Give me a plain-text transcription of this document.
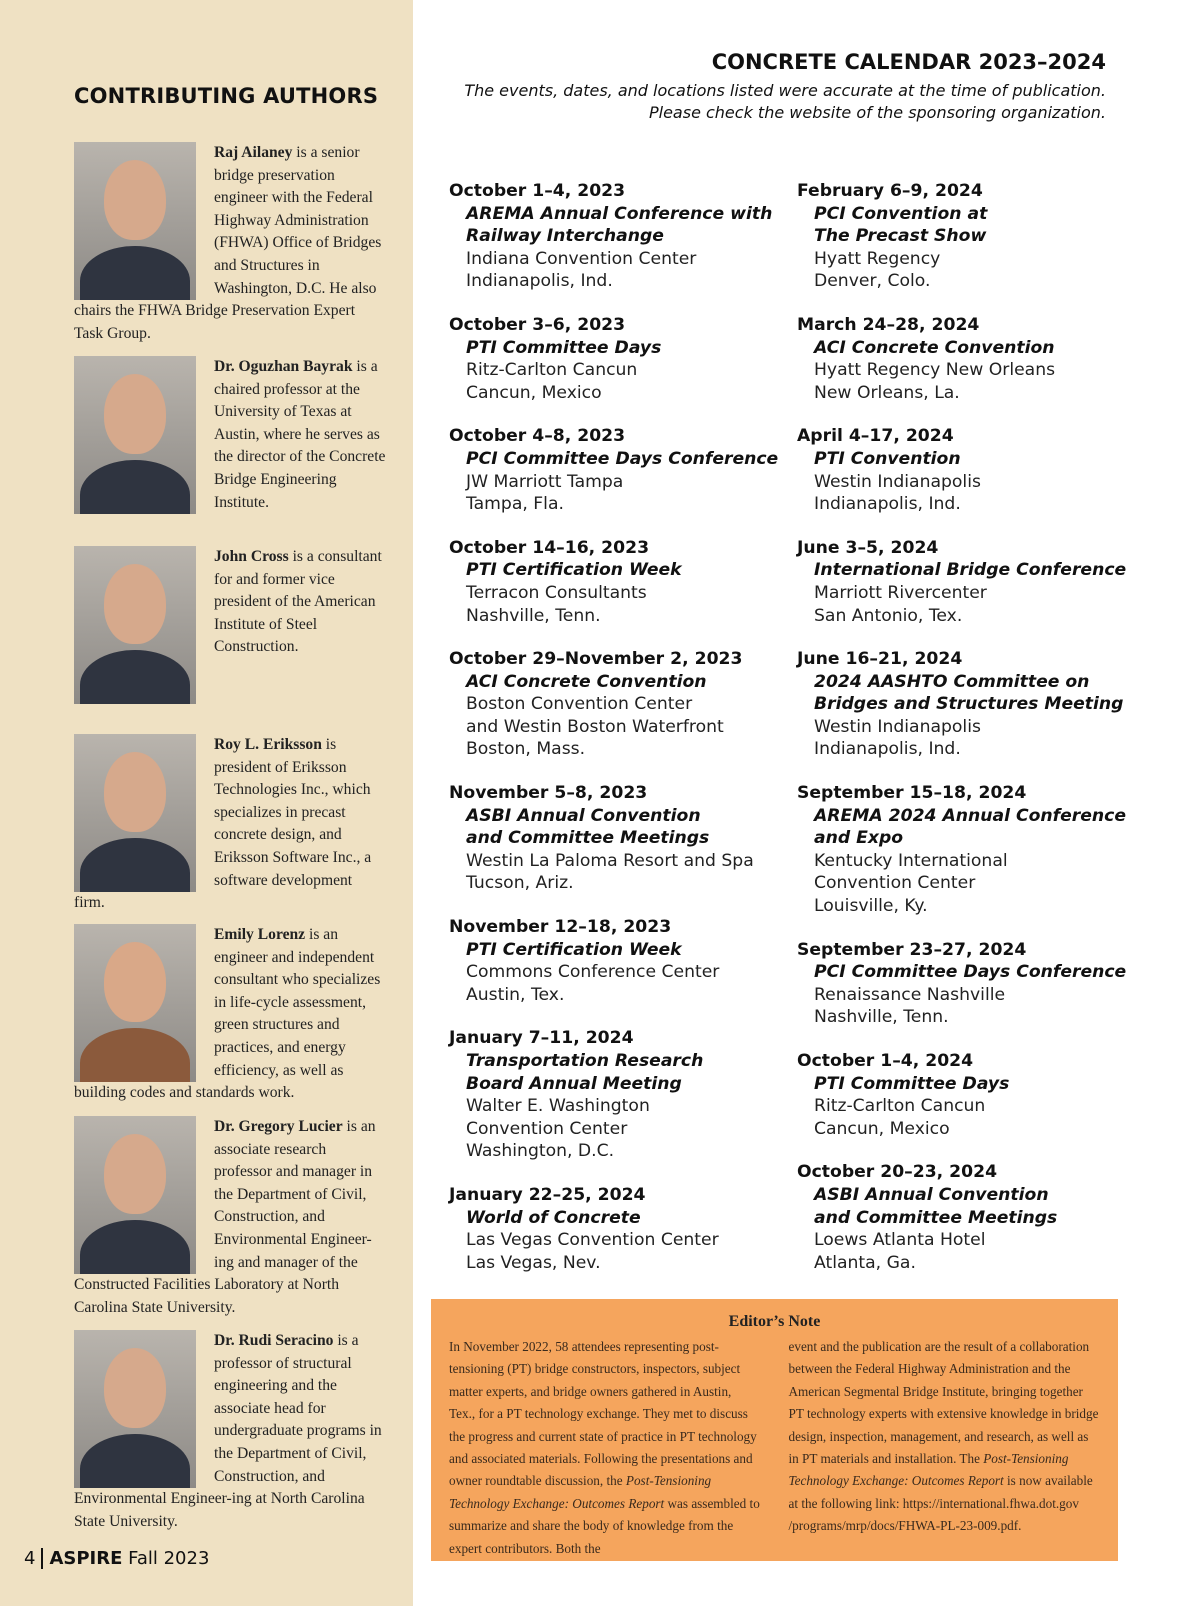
CONTRIBUTING AUTHORS
Raj Ailaney is a senior bridge preservation engineer with the Federal Highway Administration (FHWA) Office of Bridges and Structures in Washington, D.C. He also chairs the FHWA Bridge Preservation Expert Task Group.
Dr. Oguzhan Bayrak is a chaired professor at the University of Texas at Austin, where he serves as the director of the Concrete Bridge Engineering Institute.
John Cross is a consultant for and former vice president of the American Institute of Steel Construction.
Roy L. Eriksson is president of Eriksson Technologies Inc., which specializes in precast concrete design, and Eriksson Software Inc., a software development firm.
Emily Lorenz is an engineer and independent consultant who specializes in life-cycle assessment, green structures and practices, and energy efficiency, as well as building codes and standards work.
Dr. Gregory Lucier is an associate research professor and manager in the Department of Civil, Construction, and Environmental Engineer-ing and manager of the Constructed Facilities Laboratory at North Carolina State University.
Dr. Rudi Seracino is a professor of structural engineering and the associate head for undergraduate programs in the Department of Civil, Construction, and Environmental Engineer-ing at North Carolina State University.
4 ASPIRE Fall 2023
CONCRETE CALENDAR 2023–2024
The events, dates, and locations listed were accurate at the time of publication.
Please check the website of the sponsoring organization.
October 1–4, 2023
AREMA Annual Conference with
Railway Interchange
Indiana Convention Center
Indianapolis, Ind.
October 3–6, 2023
PTI Committee Days
Ritz-Carlton Cancun
Cancun, Mexico
October 4–8, 2023
PCI Committee Days Conference
JW Marriott Tampa
Tampa, Fla.
October 14–16, 2023
PTI Certification Week
Terracon Consultants
Nashville, Tenn.
October 29–November 2, 2023
ACI Concrete Convention
Boston Convention Center
and Westin Boston Waterfront
Boston, Mass.
November 5–8, 2023
ASBI Annual Convention
and Committee Meetings
Westin La Paloma Resort and Spa
Tucson, Ariz.
November 12–18, 2023
PTI Certification Week
Commons Conference Center
Austin, Tex.
January 7–11, 2024
Transportation Research
Board Annual Meeting
Walter E. Washington
Convention Center
Washington, D.C.
January 22–25, 2024
World of Concrete
Las Vegas Convention Center
Las Vegas, Nev.
February 6–9, 2024
PCI Convention at
The Precast Show
Hyatt Regency
Denver, Colo.
March 24–28, 2024
ACI Concrete Convention
Hyatt Regency New Orleans
New Orleans, La.
April 4–17, 2024
PTI Convention
Westin Indianapolis
Indianapolis, Ind.
June 3–5, 2024
International Bridge Conference
Marriott Rivercenter
San Antonio, Tex.
June 16–21, 2024
2024 AASHTO Committee on
Bridges and Structures Meeting
Westin Indianapolis
Indianapolis, Ind.
September 15–18, 2024
AREMA 2024 Annual Conference
and Expo
Kentucky International
Convention Center
Louisville, Ky.
September 23–27, 2024
PCI Committee Days Conference
Renaissance Nashville
Nashville, Tenn.
October 1–4, 2024
PTI Committee Days
Ritz-Carlton Cancun
Cancun, Mexico
October 20–23, 2024
ASBI Annual Convention
and Committee Meetings
Loews Atlanta Hotel
Atlanta, Ga.
Editor’s Note
In November 2022, 58 attendees representing post-tensioning (PT) bridge constructors, inspectors, subject matter experts, and bridge owners gathered in Austin, Tex., for a PT technology exchange. They met to discuss the progress and current state of practice in PT technology and associated materials. Following the presentations and owner roundtable discussion, the Post-Tensioning Technology Exchange: Outcomes Report was assembled to summarize and share the body of knowledge from the expert contributors. Both the
event and the publication are the result of a collaboration between the Federal Highway Administration and the American Segmental Bridge Institute, bringing together PT technology experts with extensive knowledge in bridge design, inspection, management, and research, as well as in PT materials and installation. The Post-Tensioning Technology Exchange: Outcomes Report is now available at the following link: https://international.fhwa.dot.gov /programs/mrp/docs/FHWA-PL-23-009.pdf.
